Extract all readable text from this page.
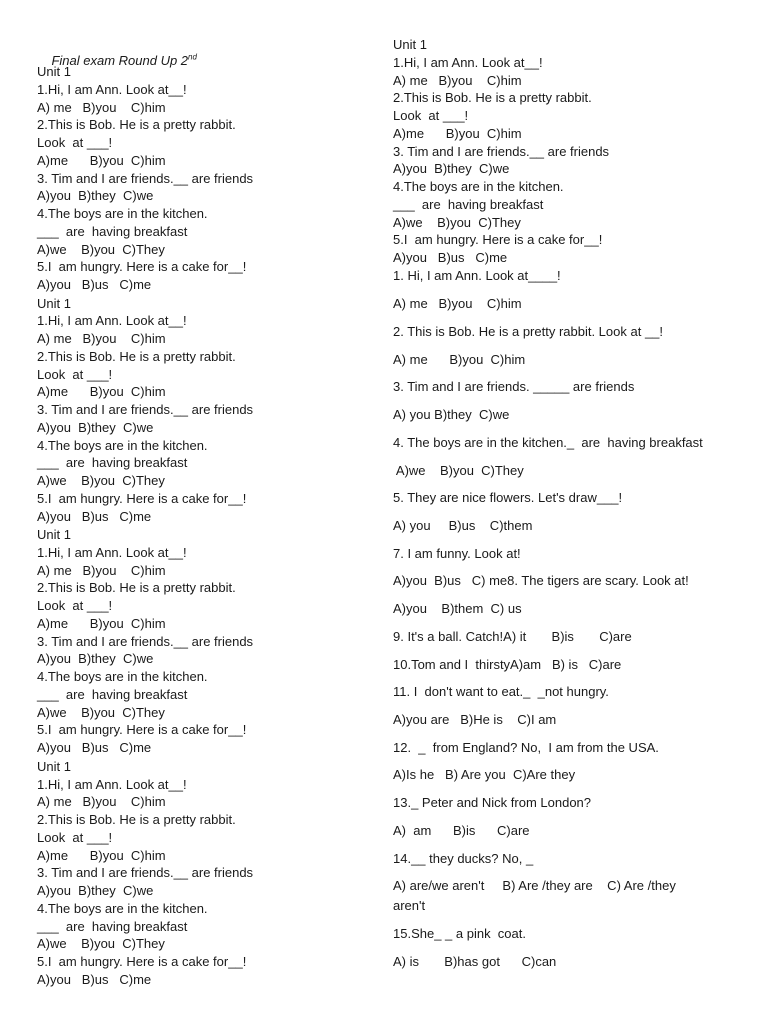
Final exam Round Up 2nd

Unit 1
1.Hi, I am Ann. Look at__!
A) me   B)you    C)him
2.This is Bob. He is a pretty rabbit.
Look  at ___!
A)me      B)you  C)him
3. Tim and I are friends.__ are friends
A)you  B)they  C)we
4.The boys are in the kitchen.
___  are  having breakfast
A)we    B)you  C)They
5.I  am hungry. Here is a cake for__!
A)you   B)us   C)me
Unit 1
1.Hi, I am Ann. Look at__!
A) me   B)you    C)him
2.This is Bob. He is a pretty rabbit.
Look  at ___!
A)me      B)you  C)him
3. Tim and I are friends.__ are friends
A)you  B)they  C)we
4.The boys are in the kitchen.
___  are  having breakfast
A)we    B)you  C)They
5.I  am hungry. Here is a cake for__!
A)you   B)us   C)me
Unit 1
1.Hi, I am Ann. Look at__!
A) me   B)you    C)him
2.This is Bob. He is a pretty rabbit.
Look  at ___!
A)me      B)you  C)him
3. Tim and I are friends.__ are friends
A)you  B)they  C)we
4.The boys are in the kitchen.
___  are  having breakfast
A)we    B)you  C)They
5.I  am hungry. Here is a cake for__!
A)you   B)us   C)me
Unit 1
1.Hi, I am Ann. Look at__!
A) me   B)you    C)him
2.This is Bob. He is a pretty rabbit.
Look  at ___!
A)me      B)you  C)him
3. Tim and I are friends.__ are friends
A)you  B)they  C)we
4.The boys are in the kitchen.
___  are  having breakfast
A)we    B)you  C)They
5.I  am hungry. Here is a cake for__!
A)you   B)us   C)me
Unit 1
1.Hi, I am Ann. Look at__!
A) me   B)you    C)him
2.This is Bob. He is a pretty rabbit.
Look  at ___!
A)me      B)you  C)him
3. Tim and I are friends.__ are friends
A)you  B)they  C)we
4.The boys are in the kitchen.
___  are  having breakfast
A)we    B)you  C)They
5.I  am hungry. Here is a cake for__!
A)you   B)us   C)me
1. Hi, I am Ann. Look at____!
A) me   B)you    C)him
2. This is Bob. He is a pretty rabbit. Look at __!
A) me      B)you  C)him
3. Tim and I are friends. _____ are friends
A) you B)they  C)we
4. The boys are in the kitchen._  are  having breakfast
A)we    B)you  C)They
5. They are nice flowers. Let's draw___!
A) you     B)us    C)them
7. I am funny. Look at!
A)you  B)us   C) me8. The tigers are scary. Look at!
A)you    B)them  C) us
9. It's a ball. Catch!A) it       B)is       C)are
10.Tom and I  thirstyA)am   B) is   C)are
11. I  don't want to eat._  _not hungry.
A)you are   B)He is    C)I am
12.  _  from England? No,  I am from the USA.
A)Is he   B) Are you  C)Are they
13._ Peter and Nick from London?
A)  am      B)is      C)are
14.__ they ducks? No, _
A) are/we aren't     B) Are /they are    C) Are /they
aren't
15.She_ _ a pink  coat.
A) is       B)has got      C)can
